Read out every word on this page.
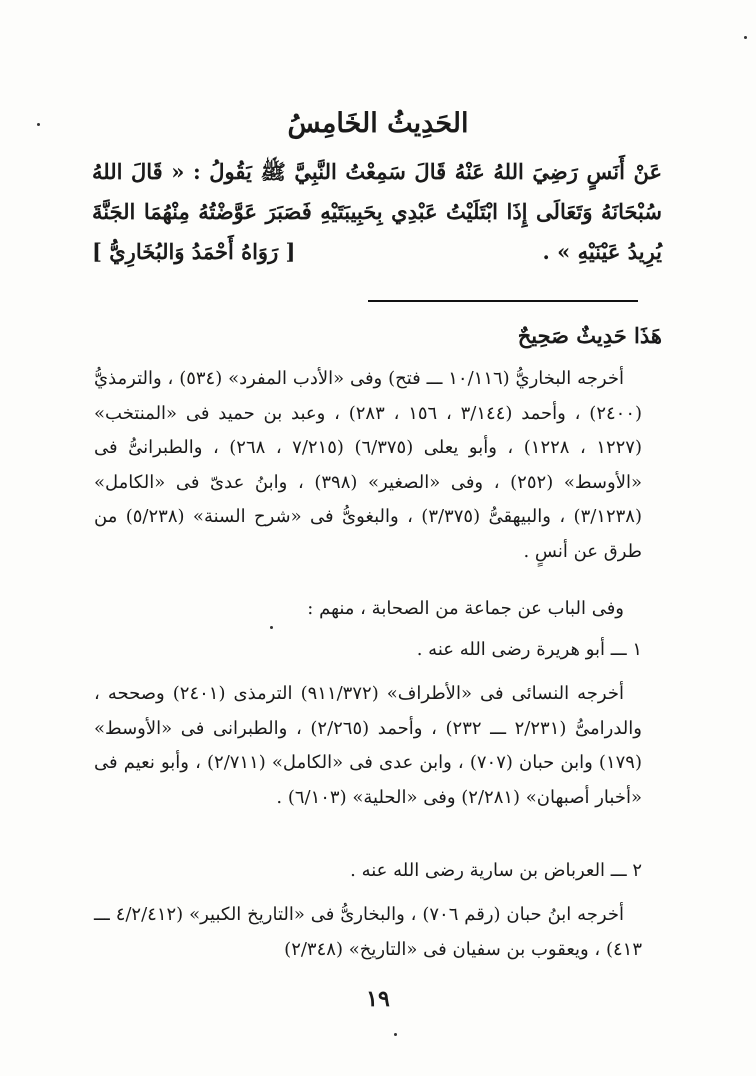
الحَدِيثُ الخَامِسُ
عَنْ أَنَسٍ رَضِيَ اللهُ عَنْهُ قَالَ سَمِعْتُ النَّبِيَّ ﷺ يَقُولُ : « قَالَ اللهُ
سُبْحَانَهُ وَتَعَالَى إِذَا ابْتَلَيْتُ عَبْدِي بِحَبِيبَتَيْهِ فَصَبَرَ عَوَّضْتُهُ مِنْهُمَا الجَنَّةَ
يُرِيدُ عَيْنَيْهِ » .
[ رَوَاهُ أَحْمَدُ وَالبُخَارِيُّ ]
هَذَا حَدِيثٌ صَحِيحٌ
أخرجه البخاريُّ (١٠/١١٦ ـــ فتح) وفى «الأدب المفرد» (٥٣٤) ، والترمذيُّ (٢٤٠٠) ، وأحمد (٣/١٤٤ ، ١٥٦ ، ٢٨٣) ، وعبد بن حميد فى «المنتخب» (١٢٢٧ ، ١٢٢٨) ، وأبو يعلى (٦/٣٧٥) (٧/٢١٥ ، ٢٦٨) ، والطبرانىُّ فى «الأوسط» (٢٥٢) ، وفى «الصغير» (٣٩٨) ، وابنُ عدىّ فى «الكامل» (٣/١٢٣٨) ، والبيهقىُّ (٣/٣٧٥) ، والبغوىُّ فى «شرح السنة» (٥/٢٣٨) من طرق عن أنسٍ .
وفى الباب عن جماعة من الصحابة ، منهم :
١ ـــ أبو هريرة رضى الله عنه .
أخرجه النسائى فى «الأطراف» (٩١١/٣٧٢) الترمذى (٢٤٠١) وصححه ، والدرامىُّ (٢/٢٣١ ـــ ٢٣٢) ، وأحمد (٢/٢٦٥) ، والطبرانى فى «الأوسط» (١٧٩) وابن حبان (٧٠٧) ، وابن عدى فى «الكامل» (٢/٧١١) ، وأبو نعيم فى «أخبار أصبهان» (٢/٢٨١) وفى «الحلية» (٦/١٠٣) .
٢ ـــ العرباض بن سارية رضى الله عنه .
أخرجه ابنُ حبان (رقم ٧٠٦) ، والبخارىُّ فى «التاريخ الكبير» (٤/٢/٤١٢ ـــ ٤١٣) ، ويعقوب بن سفيان فى «التاريخ» (٢/٣٤٨)
١٩
